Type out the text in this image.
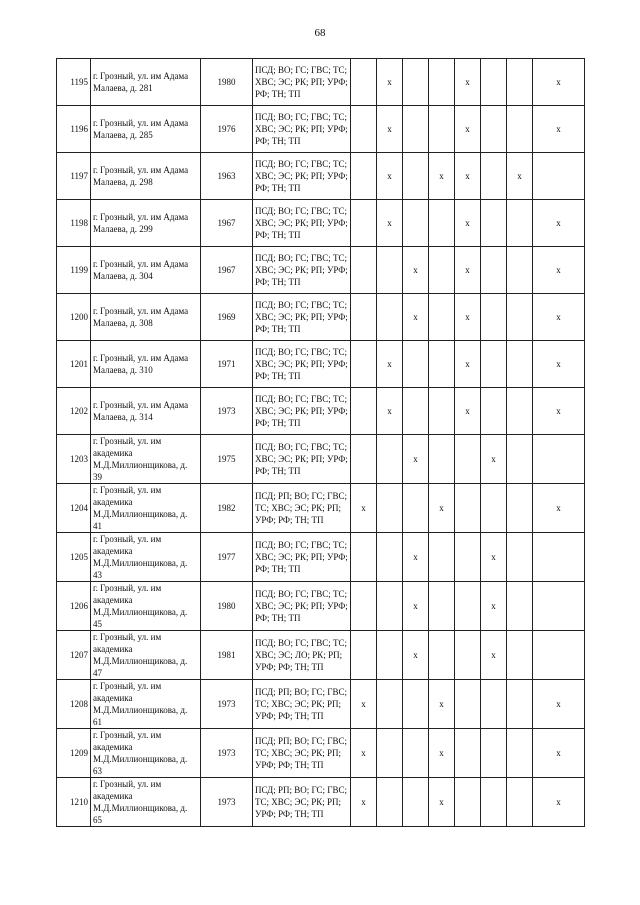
68
1195	г. Грозный, ул. им Адама Малаева, д. 281	1980	ПСД; ВО; ГС; ГВС; ТС; ХВС; ЭС; РК; РП; УРФ; РФ; ТН; ТП		х			х			х
1196	г. Грозный, ул. им Адама Малаева, д. 285	1976	ПСД; ВО; ГС; ГВС; ТС; ХВС; ЭС; РК; РП; УРФ; РФ; ТН; ТП		х			х			х
1197	г. Грозный, ул. им Адама Малаева, д. 298	1963	ПСД; ВО; ГС; ГВС; ТС; ХВС; ЭС; РК; РП; УРФ; РФ; ТН; ТП		х		х	х		х	
1198	г. Грозный, ул. им Адама Малаева, д. 299	1967	ПСД; ВО; ГС; ГВС; ТС; ХВС; ЭС; РК; РП; УРФ; РФ; ТН; ТП		х			х			х
1199	г. Грозный, ул. им Адама Малаева, д. 304	1967	ПСД; ВО; ГС; ГВС; ТС; ХВС; ЭС; РК; РП; УРФ; РФ; ТН; ТП			х		х			х
1200	г. Грозный, ул. им Адама Малаева, д. 308	1969	ПСД; ВО; ГС; ГВС; ТС; ХВС; ЭС; РК; РП; УРФ; РФ; ТН; ТП			х		х			х
1201	г. Грозный, ул. им Адама Малаева, д. 310	1971	ПСД; ВО; ГС; ГВС; ТС; ХВС; ЭС; РК; РП; УРФ; РФ; ТН; ТП		х			х			х
1202	г. Грозный, ул. им Адама Малаева, д. 314	1973	ПСД; ВО; ГС; ГВС; ТС; ХВС; ЭС; РК; РП; УРФ; РФ; ТН; ТП		х			х			х
1203	г. Грозный, ул. им академика М.Д.Миллионщикова, д. 39	1975	ПСД; ВО; ГС; ГВС; ТС; ХВС; ЭС; РК; РП; УРФ; РФ; ТН; ТП			х			х		
1204	г. Грозный, ул. им академика М.Д.Миллионщикова, д. 41	1982	ПСД; РП; ВО; ГС; ГВС; ТС; ХВС; ЭС; РК; РП; УРФ; РФ; ТН; ТП	х			х				х
1205	г. Грозный, ул. им академика М.Д.Миллионщикова, д. 43	1977	ПСД; ВО; ГС; ГВС; ТС; ХВС; ЭС; РК; РП; УРФ; РФ; ТН; ТП			х			х		
1206	г. Грозный, ул. им академика М.Д.Миллионщикова, д. 45	1980	ПСД; ВО; ГС; ГВС; ТС; ХВС; ЭС; РК; РП; УРФ; РФ; ТН; ТП			х			х		
1207	г. Грозный, ул. им академика М.Д.Миллионщикова, д. 47	1981	ПСД; ВО; ГС; ГВС; ТС; ХВС; ЭС; ЛО; РК; РП; УРФ; РФ; ТН; ТП			х			х		
1208	г. Грозный, ул. им академика М.Д.Миллионщикова, д. 61	1973	ПСД; РП; ВО; ГС; ГВС; ТС; ХВС; ЭС; РК; РП; УРФ; РФ; ТН; ТП	х			х				х
1209	г. Грозный, ул. им академика М.Д.Миллионщикова, д. 63	1973	ПСД; РП; ВО; ГС; ГВС; ТС; ХВС; ЭС; РК; РП; УРФ; РФ; ТН; ТП	х			х				х
1210	г. Грозный, ул. им академика М.Д.Миллионщикова, д. 65	1973	ПСД; РП; ВО; ГС; ГВС; ТС; ХВС; ЭС; РК; РП; УРФ; РФ; ТН; ТП	х			х				х
